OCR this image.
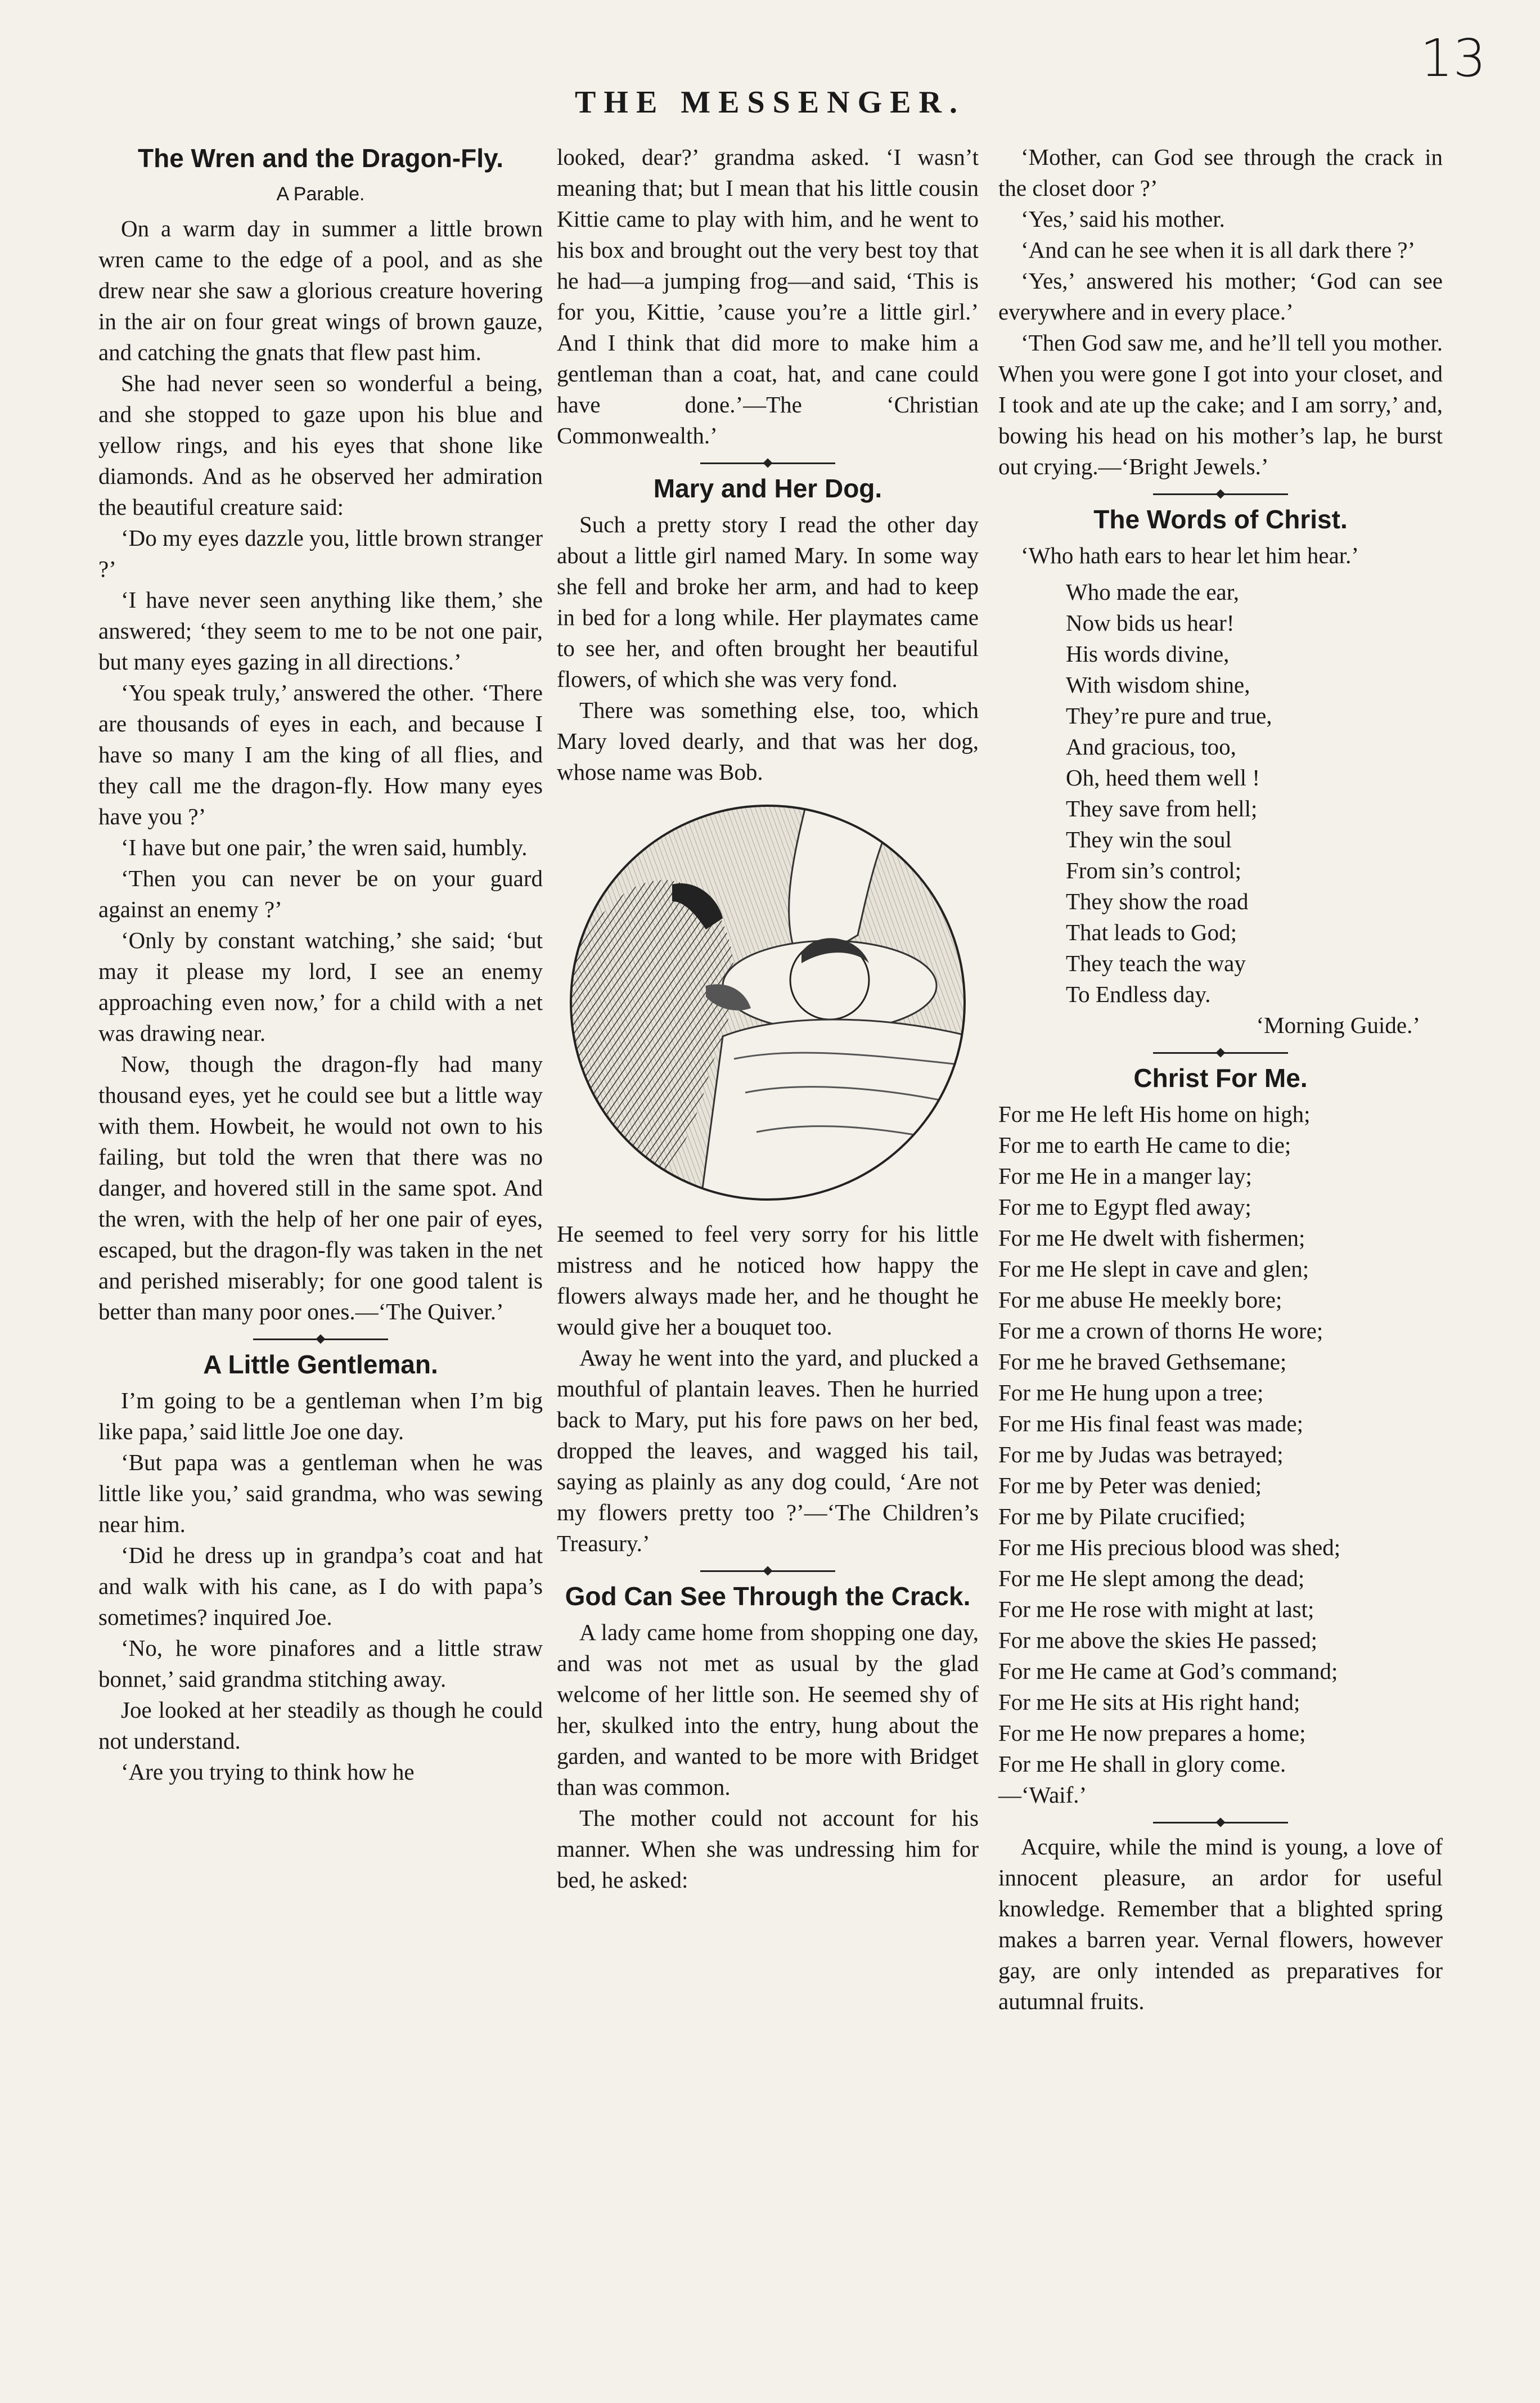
13
THE MESSENGER.
The Wren and the Dragon-Fly.
A Parable.

On a warm day in summer a little brown wren came to the edge of a pool, and as she drew near she saw a glorious creature hovering in the air on four great wings of brown gauze, and catching the gnats that flew past him.

She had never seen so wonderful a being, and she stopped to gaze upon his blue and yellow rings, and his eyes that shone like diamonds. And as he observed her admiration the beautiful creature said:

‘Do my eyes dazzle you, little brown stranger ?’

‘I have never seen anything like them,’ she answered; ‘they seem to me to be not one pair, but many eyes gazing in all directions.’

‘You speak truly,’ answered the other. ‘There are thousands of eyes in each, and because I have so many I am the king of all flies, and they call me the dragon-fly. How many eyes have you ?’

‘I have but one pair,’ the wren said, humbly.

‘Then you can never be on your guard against an enemy ?’

‘Only by constant watching,’ she said; ‘but may it please my lord, I see an enemy approaching even now,’ for a child with a net was drawing near.

Now, though the dragon-fly had many thousand eyes, yet he could see but a little way with them. Howbeit, he would not own to his failing, but told the wren that there was no danger, and hovered still in the same spot. And the wren, with the help of her one pair of eyes, escaped, but the dragon-fly was taken in the net and perished miserably; for one good talent is better than many poor ones.—‘The Quiver.’

A Little Gentleman.

I’m going to be a gentleman when I’m big like papa,’ said little Joe one day.

‘But papa was a gentleman when he was little like you,’ said grandma, who was sewing near him.

‘Did he dress up in grandpa’s coat and hat and walk with his cane, as I do with papa’s sometimes? inquired Joe.

‘No, he wore pinafores and a little straw bonnet,’ said grandma stitching away.

Joe looked at her steadily as though he could not understand.

‘Are you trying to think how he

looked, dear?’ grandma asked. ‘I wasn’t meaning that; but I mean that his little cousin Kittie came to play with him, and he went to his box and brought out the very best toy that he had—a jumping frog—and said, ‘This is for you, Kittie, ’cause you’re a little girl.’ And I think that did more to make him a gentleman than a coat, hat, and cane could have done.’—The ‘Christian Commonwealth.’

Mary and Her Dog.

Such a pretty story I read the other day about a little girl named Mary. In some way she fell and broke her arm, and had to keep in bed for a long while. Her playmates came to see her, and often brought her beautiful flowers, of which she was very fond.

There was something else, too, which Mary loved dearly, and that was her dog, whose name was Bob.

He seemed to feel very sorry for his little mistress and he noticed how happy the flowers always made her, and he thought he would give her a bouquet too.

Away he went into the yard, and plucked a mouthful of plantain leaves. Then he hurried back to Mary, put his fore paws on her bed, dropped the leaves, and wagged his tail, saying as plainly as any dog could, ‘Are not my flowers pretty too ?’—‘The Children’s Treasury.’

God Can See Through the Crack.

A lady came home from shopping one day, and was not met as usual by the glad welcome of her little son. He seemed shy of her, skulked into the entry, hung about the garden, and wanted to be more with Bridget than was common.

The mother could not account for his manner. When she was undressing him for bed, he asked:

‘Mother, can God see through the crack in the closet door ?’

‘Yes,’ said his mother.

‘And can he see when it is all dark there ?’

‘Yes,’ answered his mother; ‘God can see everywhere and in every place.’

‘Then God saw me, and he’ll tell you mother. When you were gone I got into your closet, and I took and ate up the cake; and I am sorry,’ and, bowing his head on his mother’s lap, he burst out crying.—‘Bright Jewels.’

The Words of Christ.

‘Who hath ears to hear let him hear.’

Who made the ear,
Now bids us hear!
His words divine,
With wisdom shine,
They’re pure and true,
And gracious, too,
Oh, heed them well !
They save from hell;
They win the soul
From sin’s control;
They show the road
That leads to God;
They teach the way
To Endless day.
‘Morning Guide.’
Christ For Me.
For me He left His home on high;
For me to earth He came to die;
For me He in a manger lay;
For me to Egypt fled away;
For me He dwelt with fishermen;
For me He slept in cave and glen;
For me abuse He meekly bore;
For me a crown of thorns He wore;
For me he braved Gethsemane;
For me He hung upon a tree;
For me His final feast was made;
For me by Judas was betrayed;
For me by Peter was denied;
For me by Pilate crucified;
For me His precious blood was shed;
For me He slept among the dead;
For me He rose with might at last;
For me above the skies He passed;
For me He came at God’s command;
For me He sits at His right hand;
For me He now prepares a home;
For me He shall in glory come.
—‘Waif.’

Acquire, while the mind is young, a love of innocent pleasure, an ardor for useful knowledge. Remember that a blighted spring makes a barren year. Vernal flowers, however gay, are only intended as preparatives for autumnal fruits.
